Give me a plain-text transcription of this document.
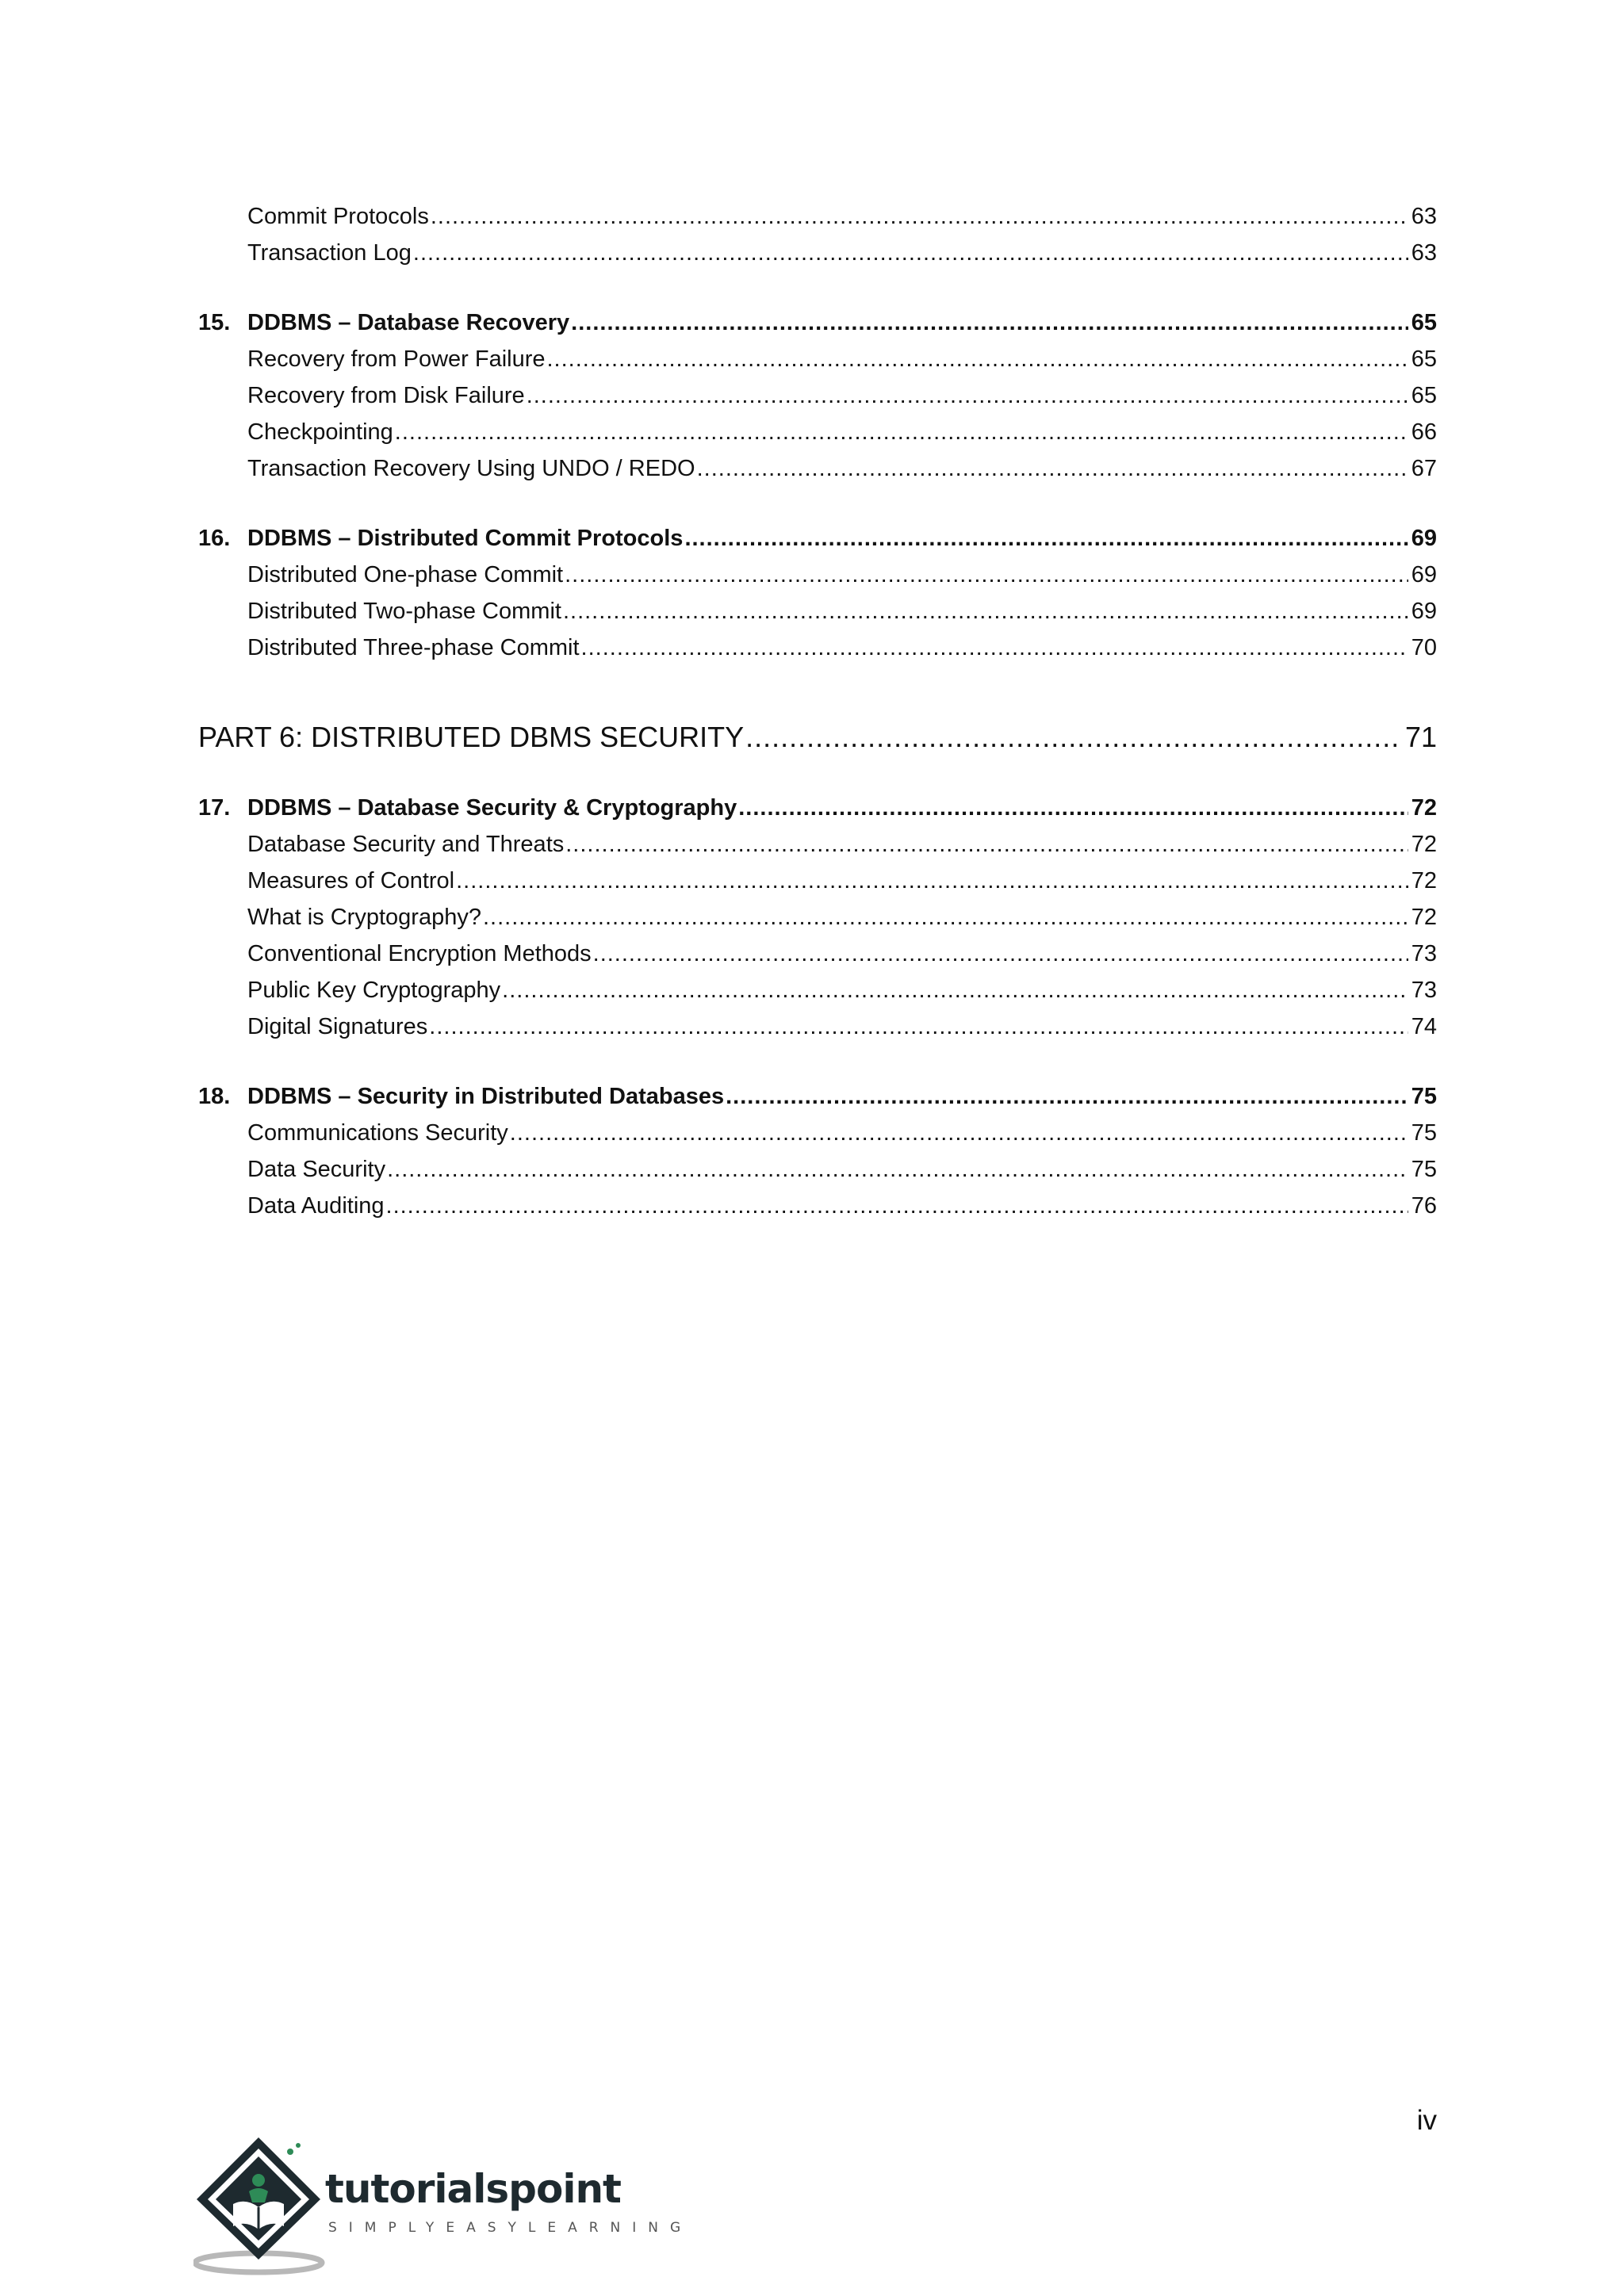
Commit Protocols .....	63
Transaction Log .....	63
15. DDBMS – Database Recovery .....	65
Recovery from Power Failure .....	65
Recovery from Disk Failure .....	65
Checkpointing .....	66
Transaction Recovery Using UNDO / REDO .....	67
16. DDBMS – Distributed Commit Protocols .....	69
Distributed One-phase Commit .....	69
Distributed Two-phase Commit .....	69
Distributed Three-phase Commit .....	70
PART 6: DISTRIBUTED DBMS SECURITY .....	71
17. DDBMS – Database Security & Cryptography .....	72
Database Security and Threats .....	72
Measures of Control .....	72
What is Cryptography? .....	72
Conventional Encryption Methods .....	73
Public Key Cryptography .....	73
Digital Signatures .....	74
18. DDBMS – Security in Distributed Databases .....	75
Communications Security .....	75
Data Security .....	75
Data Auditing .....	76
iv
tutorialspoint
SIMPLYEASYLEARNING
